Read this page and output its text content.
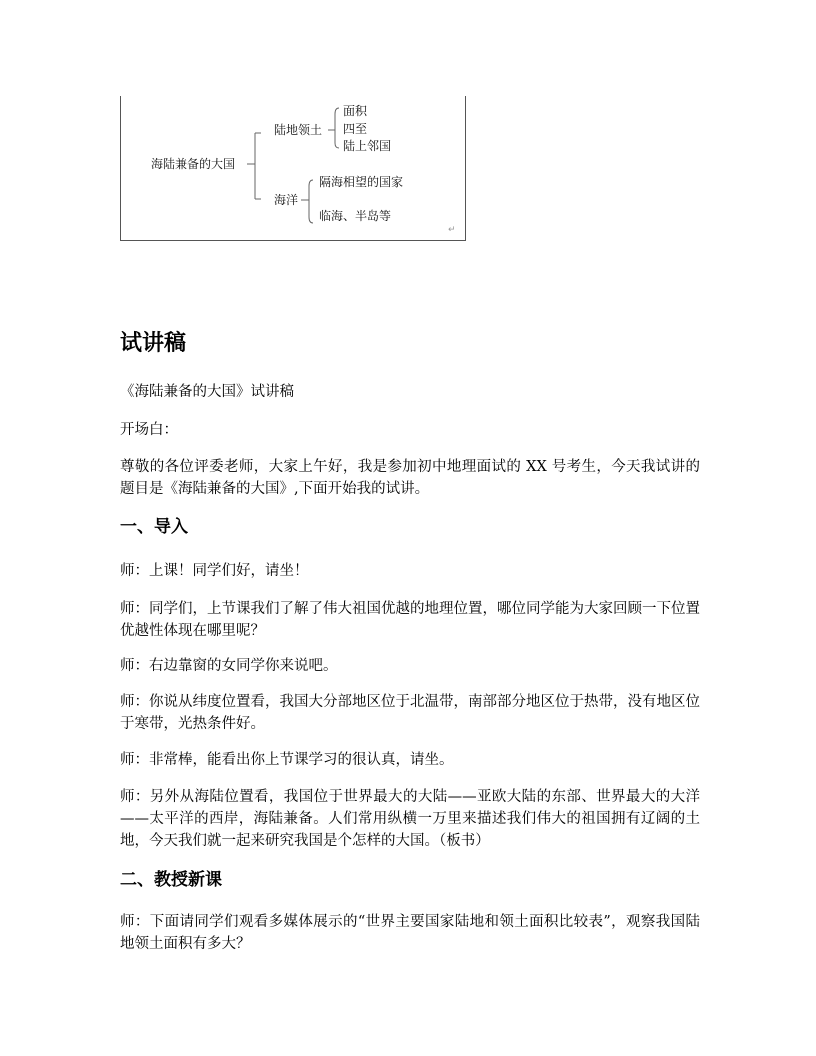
海陆兼备的大国
陆地领土
面积
四至
陆上邻国
海洋
隔海相望的国家
临海、半岛等
↵
试讲稿
《海陆兼备的大国》试讲稿
开场白：
尊敬的各位评委老师，大家上午好，我是参加初中地理面试的 XX 号考生，今天我试讲的题目是《海陆兼备的大国》,下面开始我的试讲。
一、导入
师：上课！同学们好，请坐！
师：同学们，上节课我们了解了伟大祖国优越的地理位置，哪位同学能为大家回顾一下位置优越性体现在哪里呢？
师：右边靠窗的女同学你来说吧。
师：你说从纬度位置看，我国大分部地区位于北温带，南部部分地区位于热带，没有地区位于寒带，光热条件好。
师：非常棒，能看出你上节课学习的很认真，请坐。
师：另外从海陆位置看，我国位于世界最大的大陆——亚欧大陆的东部、世界最大的大洋——太平洋的西岸，海陆兼备。人们常用纵横一万里来描述我们伟大的祖国拥有辽阔的土地，今天我们就一起来研究我国是个怎样的大国。（板书）
二、教授新课
师：下面请同学们观看多媒体展示的“世界主要国家陆地和领土面积比较表”，观察我国陆地领土面积有多大？
